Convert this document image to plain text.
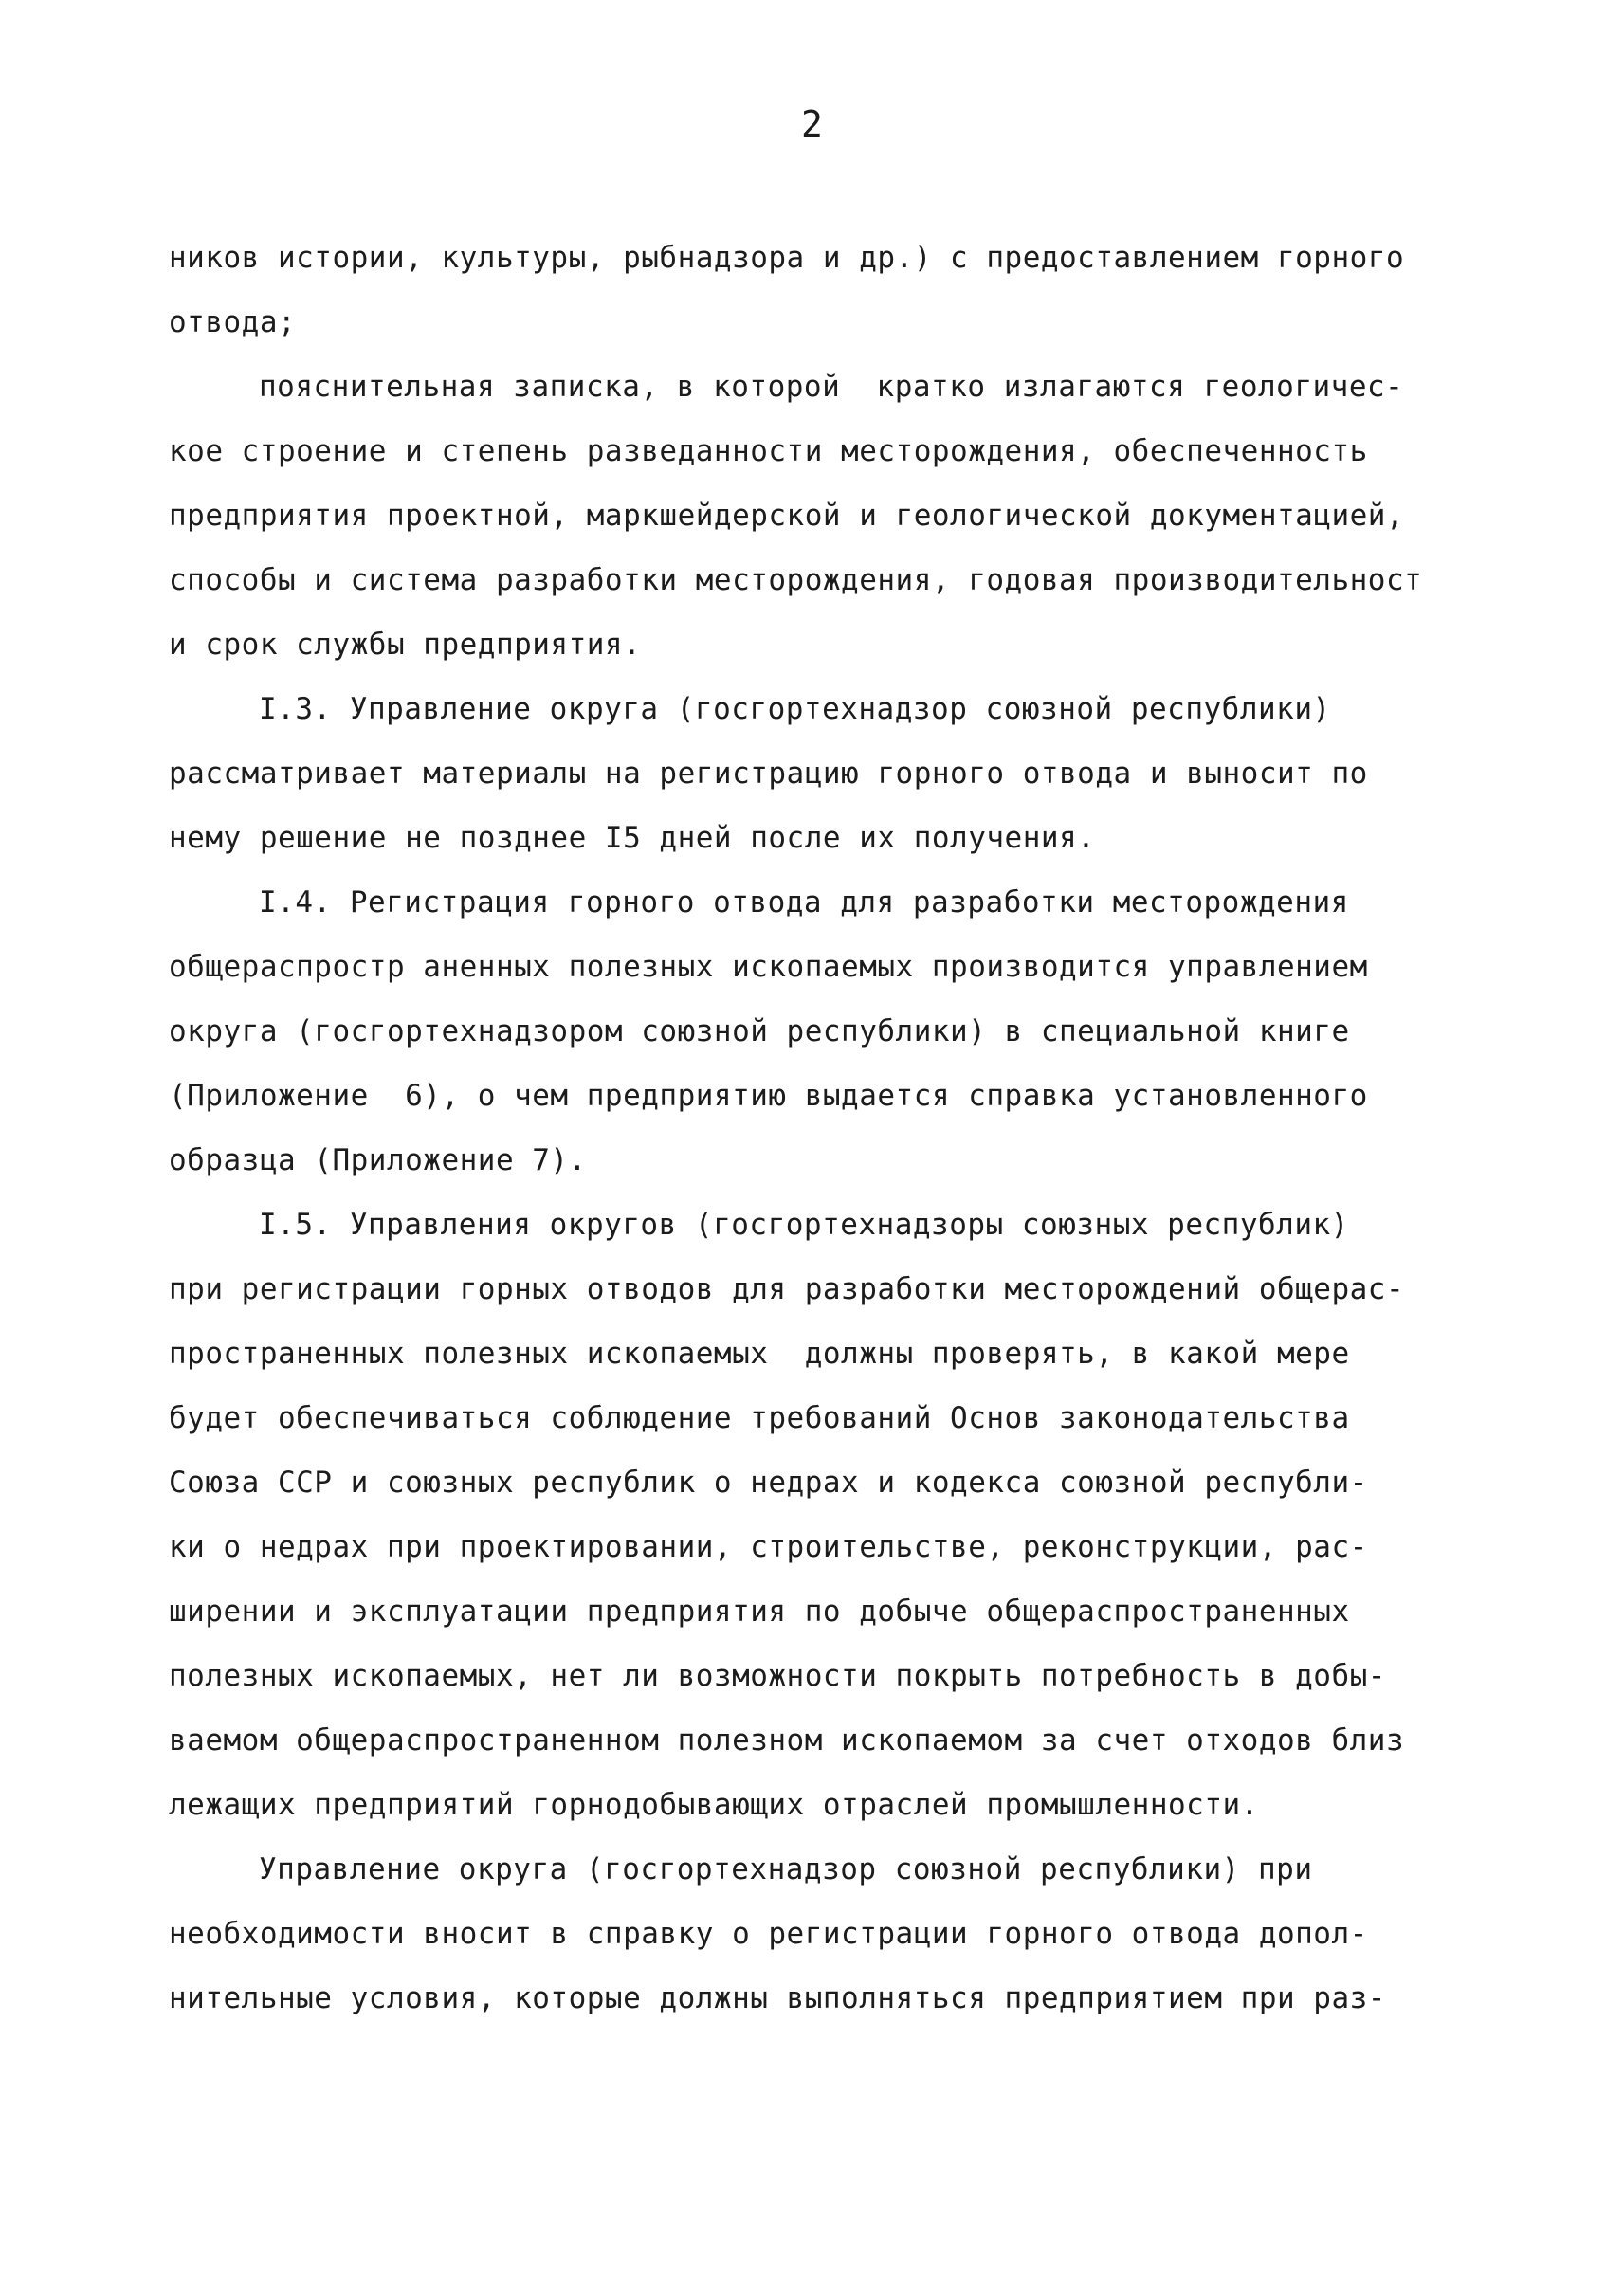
2
ников истории, культуры, рыбнадзора и др.) с предоставлением горного
отвода;
пояснительная записка, в которой  кратко излагаются геологичес-
кое строение и степень разведанности месторождения, обеспеченность
предприятия проектной, маркшейдерской и геологической документацией,
способы и система разработки месторождения, годовая производительност
и срок службы предприятия.
I.3. Управление округа (госгортехнадзор союзной республики)
рассматривает материалы на регистрацию горного отвода и выносит по
нему решение не позднее I5 дней после их получения.
I.4. Регистрация горного отвода для разработки месторождения
общераспростр аненных полезных ископаемых производится управлением
округа (госгортехнадзором союзной республики) в специальной книге
(Приложение  6), о чем предприятию выдается справка установленного
образца (Приложение 7).
I.5. Управления округов (госгортехнадзоры союзных республик)
при регистрации горных отводов для разработки месторождений общерас-
пространенных полезных ископаемых  должны проверять, в какой мере
будет обеспечиваться соблюдение требований Основ законодательства
Союза ССР и союзных республик о недрах и кодекса союзной республи-
ки о недрах при проектировании, строительстве, реконструкции, рас-
ширении и эксплуатации предприятия по добыче общераспространенных
полезных ископаемых, нет ли возможности покрыть потребность в добы-
ваемом общераспространенном полезном ископаемом за счет отходов близ
лежащих предприятий горнодобывающих отраслей промышленности.
Управление округа (госгортехнадзор союзной республики) при
необходимости вносит в справку о регистрации горного отвода допол-
нительные условия, которые должны выполняться предприятием при раз-
